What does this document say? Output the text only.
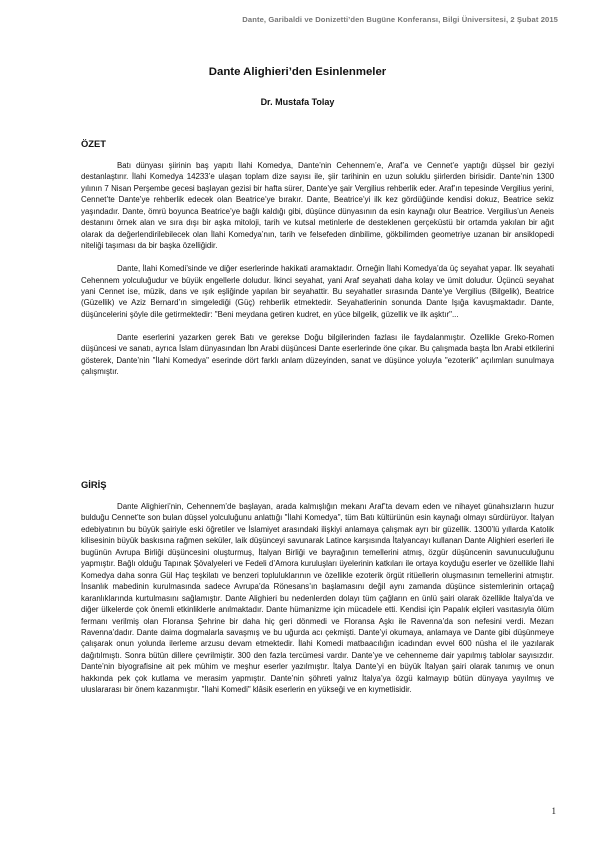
Dante, Garibaldi ve Donizetti’den Bugüne Konferansı, Bilgi Üniversitesi, 2 Şubat 2015
Dante Alighieri’den Esinlenmeler
Dr. Mustafa Tolay
ÖZET

Batı dünyası şiirinin baş yapıtı İlahi Komedya, Dante’nin Cehennem’e, Araf’a ve Cennet’e yaptığı düşsel bir geziyi destanlaştırır. İlahi Komedya 14233’e ulaşan toplam dize sayısı ile, şiir tarihinin en uzun soluklu şiirlerden birisidir. Dante’nin 1300 yılının 7 Nisan Perşembe gecesi başlayan gezisi bir hafta sürer, Dante’ye şair Vergilius rehberlik eder. Araf’ın tepesinde Vergilius yerini, Cennet’te Dante’ye rehberlik edecek olan Beatrice’ye bırakır. Dante, Beatrice’yi ilk kez gördüğünde kendisi dokuz, Beatrice sekiz yaşındadır. Dante, ömrü boyunca Beatrice’ye bağlı kaldığı gibi, düşünce dünyasının da esin kaynağı olur Beatrice. Vergilius’un Aeneis destanını örnek alan ve sıra dışı bir aşka mitoloji, tarih ve kutsal metinlerle de desteklenen gerçeküstü bir ortamda yakılan bir ağıt olarak da değerlendirilebilecek olan İlahi Komedya’nın, tarih ve felsefeden dinbilime, gökbilimden geometriye uzanan bir ansiklopedi niteliği taşıması da bir başka özelliğidir.

Dante, İlahi Komedi’sinde ve diğer eserlerinde hakikati aramaktadır. Örneğin İlahi Komedya’da üç seyahat yapar. İlk seyahati Cehennem yolculuğudur ve büyük engellerle doludur. İkinci seyahat, yani Araf seyahati daha kolay ve ümit doludur. Üçüncü seyahat yani Cennet ise, müzik, dans ve ışık eşliğinde yapılan bir seyahattir. Bu seyahatler sırasında Dante’ye Vergilius (Bilgelik), Beatrice (Güzellik) ve Aziz Bernard’ın simgelediği (Güç) rehberlik etmektedir. Seyahatlerinin sonunda Dante Işığa kavuşmaktadır. Dante, düşüncelerini şöyle dile getirmektedir: "Beni meydana getiren kudret, en yüce bilgelik, güzellik ve ilk aşktır"...

Dante eserlerini yazarken gerek Batı ve gerekse Doğu bilgilerinden fazlası ile faydalanmıştır. Özellikle Greko-Romen düşüncesi ve sanatı, ayrıca İslam dünyasından İbn Arabi düşüncesi Dante eserlerinde öne çıkar. Bu çalışmada başta İbn Arabi etkilerini gösterek, Dante’nin "İlahi Komedya" eserinde dört farklı anlam düzeyinden, sanat ve düşünce yoluyla "ezoterik" açılımları sunulmaya çalışmıştır.

GİRİŞ

Dante Alighieri’nin, Cehennem’de başlayan, arada kalmışlığın mekanı Araf’ta devam eden ve nihayet günahsızların huzur bulduğu Cennet’te son bulan düşsel yolculuğunu anlattığı "İlahi Komedya", tüm Batı kültürünün esin kaynağı olmayı sürdürüyor. İtalyan edebiyatının bu büyük şairiyle eski öğretiler ve İslamiyet arasındaki ilişkiyi anlamaya çalışmak ayrı bir güzellik. 1300’lü yıllarda Katolik kilisesinin büyük baskısına rağmen seküler, laik düşünceyi savunarak Latince karşısında İtalyancayı kullanan Dante Alighieri eserleri ile bugünün Avrupa Birliği düşüncesini oluşturmuş, İtalyan Birliği ve bayrağının temellerini atmış, özgür düşüncenin savunuculuğunu yapmıştır. Bağlı olduğu Tapınak Şövalyeleri ve Fedeli d’Amora kuruluşları üyelerinin katkıları ile ortaya koyduğu eserler ve özellikle İlahi Komedya daha sonra Gül Haç teşkilatı ve benzeri topluluklarının ve özellikle ezoterik örgüt ritüellerin oluşmasının temellerini atmıştır. İnsanlık mabedinin kurulmasında sadece Avrupa’da Rönesans’ın başlamasını değil aynı zamanda düşünce sistemlerinin ortaçağ karanlıklarında kurtulmasını sağlamıştır. Dante Alighieri bu nedenlerden dolayı tüm çağların en ünlü şairi olarak özellikle İtalya’da ve diğer ülkelerde çok önemli etkinliklerle anılmaktadır. Dante hümanizme için mücadele etti. Kendisi için Papalık elçileri vasıtasıyla ölüm fermanı verilmiş olan Floransa Şehrine bir daha hiç geri dönmedi ve Floransa Aşkı ile Ravenna’da son nefesini verdi. Mezarı Ravenna’dadır. Dante daima dogmalarla savaşmış ve bu uğurda acı çekmişti. Dante’yi okumaya, anlamaya ve Dante gibi düşünmeye çalışarak onun yolunda ilerleme arzusu devam etmektedir. İlahi Komedi matbaacılığın icadından evvel 600 nüsha el ile yazılarak dağıtılmıştı. Sonra bütün dillere çevrilmiştir. 300 den fazla tercümesi vardır. Dante’ye ve cehenneme dair yapılmış tablolar sayısızdır. Dante’nin biyografisine ait pek mühim ve meşhur eserler yazılmıştır. İtalya Dante’yi en büyük İtalyan şairi olarak tanımış ve onun hakkında pek çok kutlama ve merasim yapmıştır. Dante’nin şöhreti yalnız İtalya’ya özgü kalmayıp bütün dünyaya yayılmış ve uluslararası bir önem kazanmıştır. "İlahi Komedi" klâsik eserlerin en yükseği ve en kıymetlisidir.

1
